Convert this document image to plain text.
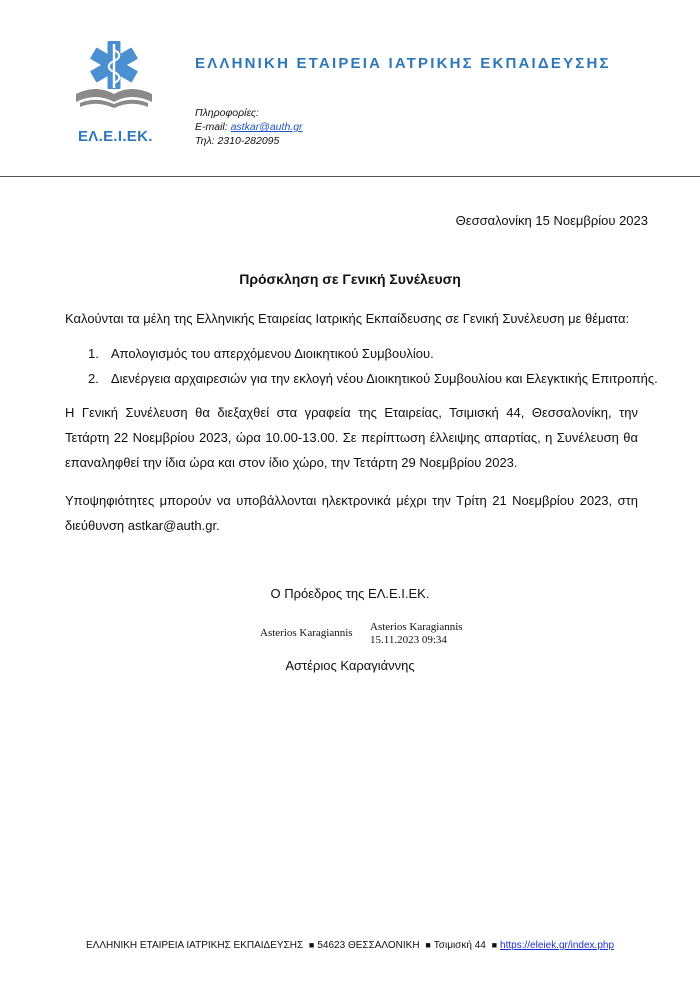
ΕΛ.Ε.Ι.ΕΚ.
ΕΛΛΗΝΙΚΗ ΕΤΑΙΡΕΙΑ ΙΑΤΡΙΚΗΣ ΕΚΠΑΙΔΕΥΣΗΣ
Πληροφορίες:
E-mail: astkar@auth.gr
Τηλ: 2310-282095
Θεσσαλονίκη 15 Νοεμβρίου 2023
Πρόσκληση σε Γενική Συνέλευση
Καλούνται τα μέλη της Ελληνικής Εταιρείας Ιατρικής Εκπαίδευσης σε Γενική Συνέλευση με θέματα:
1. Απολογισμός του απερχόμενου Διοικητικού Συμβουλίου.
2. Διενέργεια αρχαιρεσιών για την εκλογή νέου Διοικητικού Συμβουλίου και Ελεγκτικής Επιτροπής.
Η Γενική Συνέλευση θα διεξαχθεί στα γραφεία της Εταιρείας, Τσιμισκή 44, Θεσσαλονίκη, την Τετάρτη 22 Νοεμβρίου 2023, ώρα 10.00-13.00. Σε περίπτωση έλλειψης απαρτίας, η Συνέλευση θα επαναληφθεί την ίδια ώρα και στον ίδιο χώρο, την Τετάρτη 29 Νοεμβρίου 2023.
Υποψηφιότητες μπορούν να υποβάλλονται ηλεκτρονικά μέχρι την Τρίτη 21 Νοεμβρίου 2023, στη διεύθυνση astkar@auth.gr.
Ο Πρόεδρος της ΕΛ.Ε.Ι.ΕΚ.
Asterios Karagiannis Asterios Karagiannis
15.11.2023 09:34
Αστέριος Καραγιάννης
ΕΛΛΗΝΙΚΗ ΕΤΑΙΡΕΙΑ ΙΑΤΡΙΚΗΣ ΕΚΠΑΙΔΕΥΣΗΣ ■ 54623 ΘΕΣΣΑΛΟΝΙΚΗ ■ Τσιμισκή 44 ■ https://eleiek.gr/index.php
